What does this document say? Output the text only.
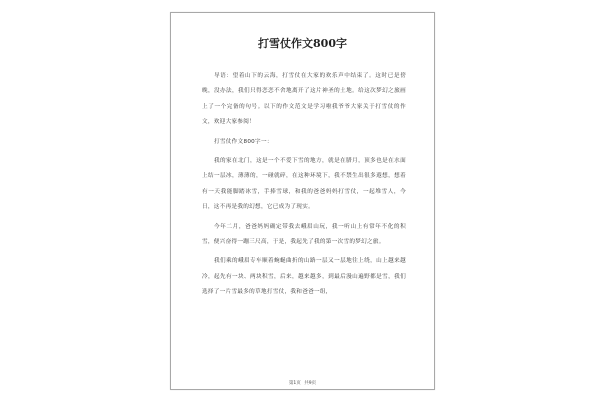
打雪仗作文800字

导语：望着山下的云海，打雪仗在大家的欢乐声中结束了。这时已是傍晚，没办法，我们只得恋恋不舍地离开了这片神圣的土地。给这次梦幻之旅画上了一个完备的句号。以下的作文范文是学习啦我爷爷大家关于打雪仗的作文，欢迎大家参阅！

打雪仗作文800字一：

我的家在北门，这是一个不爱下雪的地方，就是在腊月，顶多也是在水面上结一层冰，薄薄的，一碰就碎，在这种环境下，我不禁生出很多遐想，想着有一天我能脚踏冰雪，手捧雪球，和我的爸爸妈妈打雪仗，一起堆雪人，今日，这不再是我的幻想，它已成为了现实。

今年二月，爸爸妈妈确定带我去峨眉山玩，我一听山上有常年不化的积雪，便兴奋得一蹦三尺高，于是，我起先了我的第一次雪的梦幻之旅。

我们乘的峨眉专车顺着蜿蜒曲折的山路一层又一层地往上绕，山上越来越冷，起先有一块、两块积雪，后来，越来越多，到最后漫山遍野都是雪，我们选择了一片雪最多的草地打雪仗，我和爸爸一组，

第1页 共9页
